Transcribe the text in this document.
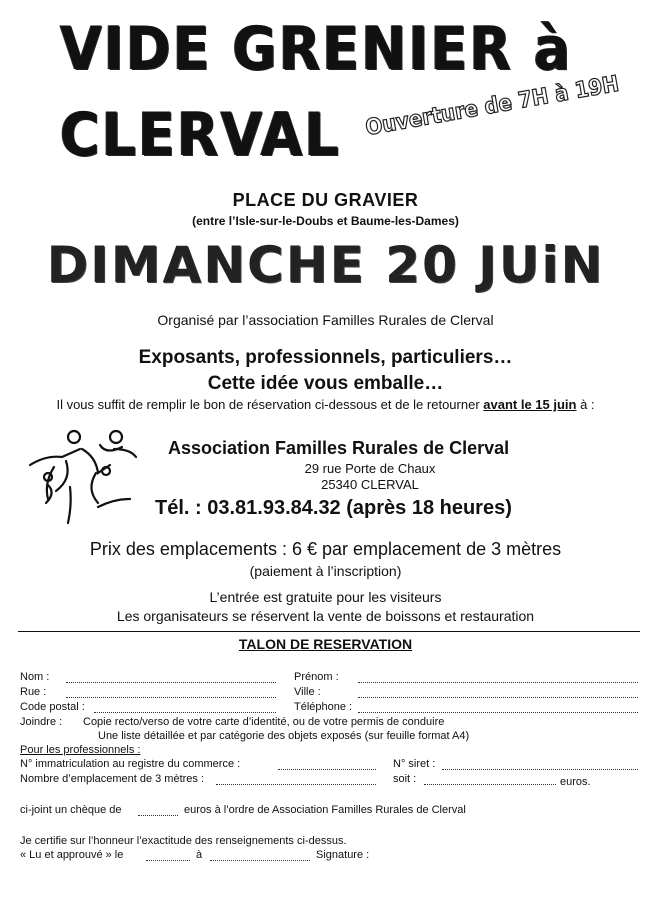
VIDE GRENIER à
CLERVAL Ouverture de 7H à 19H
PLACE DU GRAVIER
(entre l’Isle-sur-le-Doubs et Baume-les-Dames)
DIMANCHE 20 JUiN
Organisé par l’association Familles Rurales de Clerval
Exposants, professionnels, particuliers…
Cette idée vous emballe…
Il vous suffit de remplir le bon de réservation ci-dessous et de le retourner avant le 15 juin à :
Association Familles Rurales de Clerval
29 rue Porte de Chaux
25340 CLERVAL
Tél. : 03.81.93.84.32 (après 18 heures)
Prix des emplacements : 6 € par emplacement de 3 mètres
(paiement à l’inscription)
L’entrée est gratuite pour les visiteurs
Les organisateurs se réservent la vente de boissons et restauration
TALON DE RESERVATION
Nom :	Prénom :
Rue :	Ville :
Code postal :	Téléphone :
Joindre : Copie recto/verso de votre carte d’identité, ou de votre permis de conduire
Une liste détaillée et par catégorie des objets exposés (sur feuille format A4)
Pour les professionnels :
N° immatriculation au registre du commerce :	N° siret :
Nombre d’emplacement de 3 mètres :	soit :	euros.
ci-joint un chèque de	euros à l’ordre de Association Familles Rurales de Clerval
Je certifie sur l’honneur l’exactitude des renseignements ci-dessus.
« Lu et approuvé » le	à	Signature :
